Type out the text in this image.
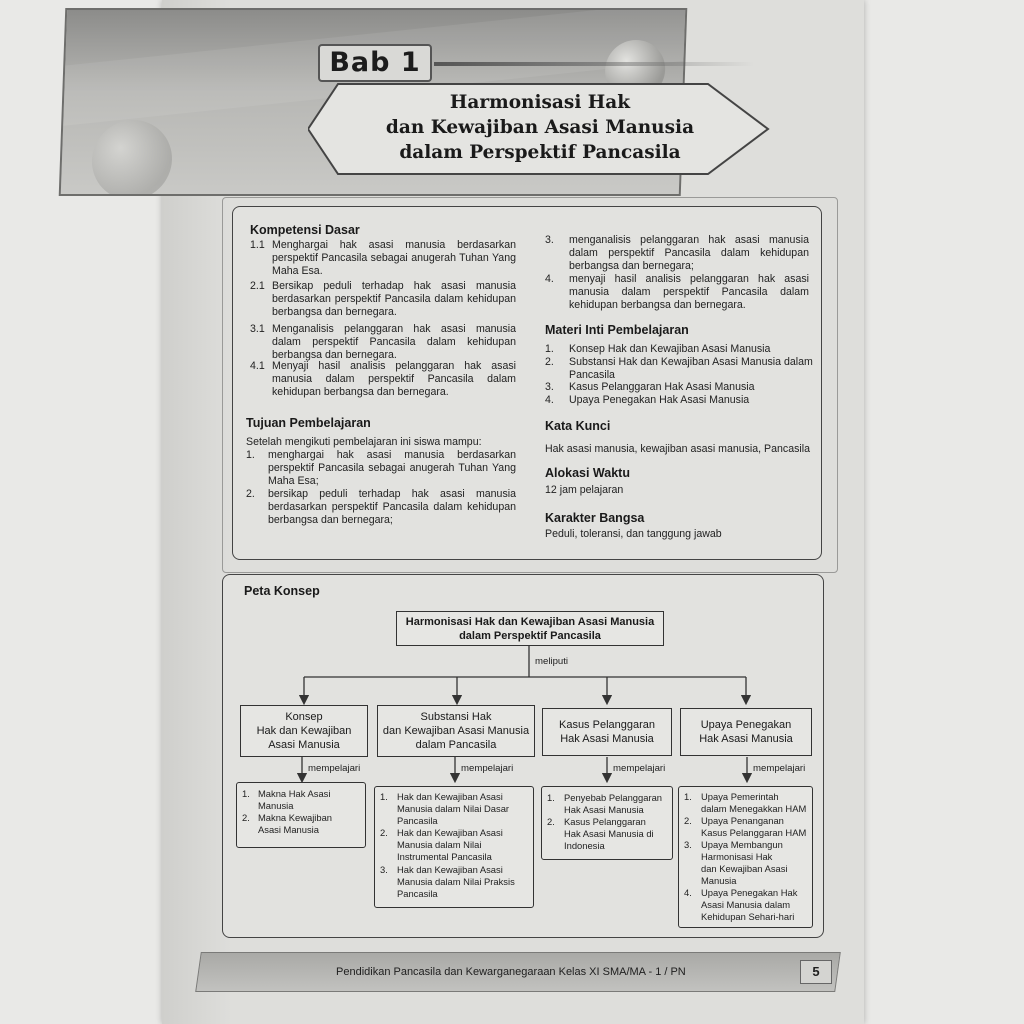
Bab 1
Harmonisasi Hak
dan Kewajiban Asasi Manusia
dalam Perspektif Pancasila
Kompetensi Dasar
1.1 Menghargai hak asasi manusia berdasarkan perspektif Pancasila sebagai anugerah Tuhan Yang Maha Esa.
2.1 Bersikap peduli terhadap hak asasi manusia berdasarkan perspektif Pancasila dalam kehidupan berbangsa dan bernegara.
3.1 Menganalisis pelanggaran hak asasi manusia dalam perspektif Pancasila dalam kehidupan berbangsa dan bernegara.
4.1 Menyaji hasil analisis pelanggaran hak asasi manusia dalam perspektif Pancasila dalam kehidupan berbangsa dan bernegara.
Tujuan Pembelajaran
Setelah mengikuti pembelajaran ini siswa mampu:
1. menghargai hak asasi manusia berdasarkan perspektif Pancasila sebagai anugerah Tuhan Yang Maha Esa;
2. bersikap peduli terhadap hak asasi manusia berdasarkan perspektif Pancasila dalam kehidupan berbangsa dan bernegara;
3. menganalisis pelanggaran hak asasi manusia dalam perspektif Pancasila dalam kehidupan berbangsa dan bernegara;
4. menyaji hasil analisis pelanggaran hak asasi manusia dalam perspektif Pancasila dalam kehidupan berbangsa dan bernegara.
Materi Inti Pembelajaran
1. Konsep Hak dan Kewajiban Asasi Manusia
2. Substansi Hak dan Kewajiban Asasi Manusia dalam Pancasila
3. Kasus Pelanggaran Hak Asasi Manusia
4. Upaya Penegakan Hak Asasi Manusia
Kata Kunci
Hak asasi manusia, kewajiban asasi manusia, Pancasila
Alokasi Waktu
12 jam pelajaran
Karakter Bangsa
Peduli, toleransi, dan tanggung jawab
Peta Konsep
Harmonisasi Hak dan Kewajiban Asasi Manusia
dalam Perspektif Pancasila
meliputi
Konsep
Hak dan Kewajiban
Asasi Manusia
Substansi Hak
dan Kewajiban Asasi Manusia
dalam Pancasila
Kasus Pelanggaran
Hak Asasi Manusia
Upaya Penegakan
Hak Asasi Manusia
mempelajari	mempelajari	mempelajari	mempelajari
1. Makna Hak Asasi
Manusia
2. Makna Kewajiban
Asasi Manusia
1. Hak dan Kewajiban Asasi
Manusia dalam Nilai Dasar
Pancasila
2. Hak dan Kewajiban Asasi
Manusia dalam Nilai
Instrumental Pancasila
3. Hak dan Kewajiban Asasi
Manusia dalam Nilai Praksis
Pancasila
1. Penyebab Pelanggaran
Hak Asasi Manusia
2. Kasus Pelanggaran
Hak Asasi Manusia di
Indonesia
1. Upaya Pemerintah
dalam Menegakkan HAM
2. Upaya Penanganan
Kasus Pelanggaran HAM
3. Upaya Membangun
Harmonisasi Hak
dan Kewajiban Asasi
Manusia
4. Upaya Penegakan Hak
Asasi Manusia dalam
Kehidupan Sehari-hari
Pendidikan Pancasila dan Kewarganegaraan Kelas XI SMA/MA - 1 / PN	5
